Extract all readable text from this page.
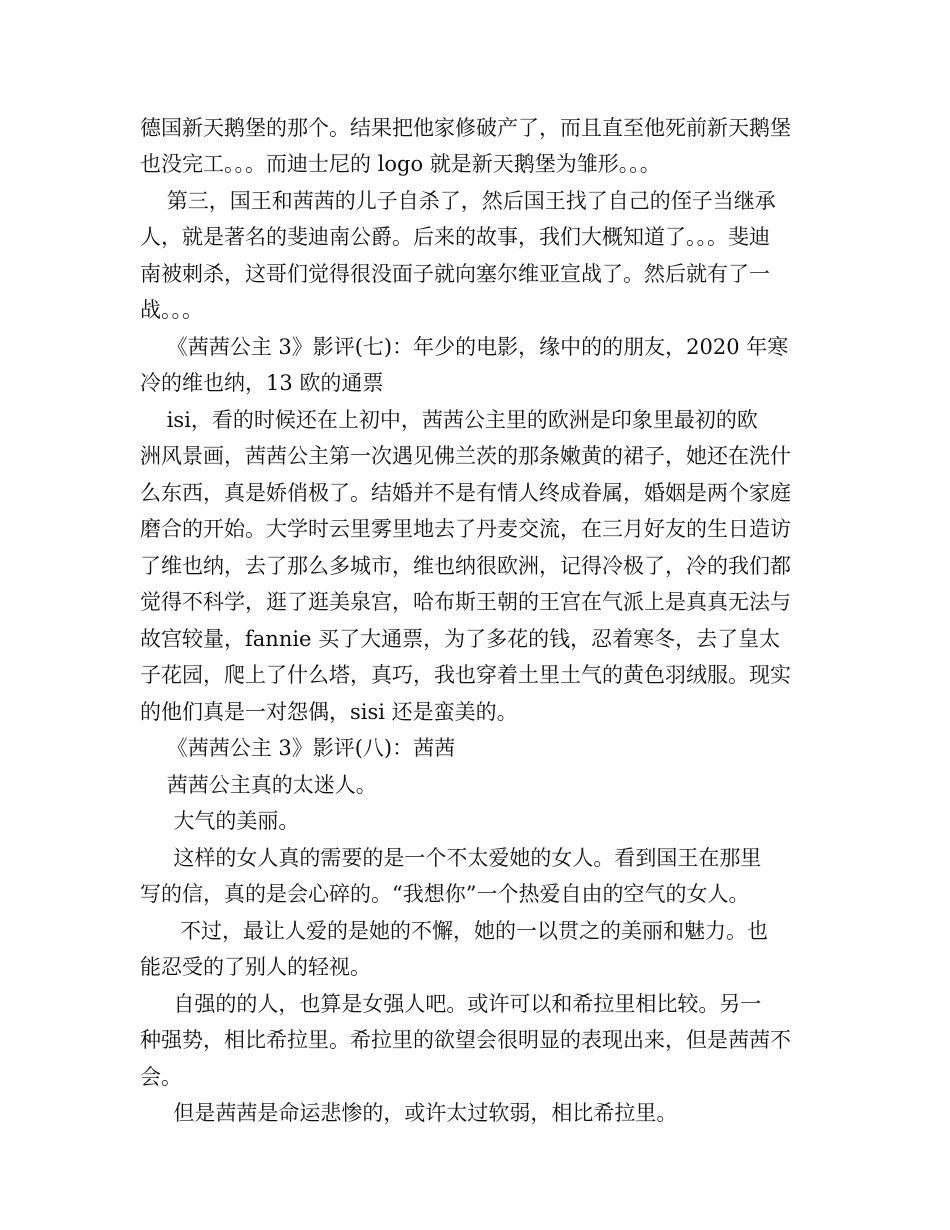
德国新天鹅堡的那个。结果把他家修破产了，而且直至他死前新天鹅堡
也没完工。。。而迪士尼的 logo 就是新天鹅堡为雏形。。。
第三，国王和茜茜的儿子自杀了，然后国王找了自己的侄子当继承
人，就是著名的斐迪南公爵。后来的故事，我们大概知道了。。。斐迪
南被刺杀，这哥们觉得很没面子就向塞尔维亚宣战了。然后就有了一
战。。。
《茜茜公主 3》影评(七)：年少的电影，缘中的的朋友，2020 年寒
冷的维也纳，13 欧的通票
isi，看的时候还在上初中，茜茜公主里的欧洲是印象里最初的欧
洲风景画，茜茜公主第一次遇见佛兰茨的那条嫩黄的裙子，她还在洗什
么东西，真是娇俏极了。结婚并不是有情人终成眷属，婚姻是两个家庭
磨合的开始。大学时云里雾里地去了丹麦交流，在三月好友的生日造访
了维也纳，去了那么多城市，维也纳很欧洲，记得冷极了，冷的我们都
觉得不科学，逛了逛美泉宫，哈布斯王朝的王宫在气派上是真真无法与
故宫较量，fannie 买了大通票，为了多花的钱，忍着寒冬，去了皇太
子花园，爬上了什么塔，真巧，我也穿着土里土气的黄色羽绒服。现实
的他们真是一对怨偶，sisi 还是蛮美的。
《茜茜公主 3》影评(八)：茜茜
茜茜公主真的太迷人。
大气的美丽。
这样的女人真的需要的是一个不太爱她的女人。看到国王在那里
写的信，真的是会心碎的。“我想你”一个热爱自由的空气的女人。
不过，最让人爱的是她的不懈，她的一以贯之的美丽和魅力。也
能忍受的了别人的轻视。
自强的的人，也算是女强人吧。或许可以和希拉里相比较。另一
种强势，相比希拉里。希拉里的欲望会很明显的表现出来，但是茜茜不
会。
但是茜茜是命运悲惨的，或许太过软弱，相比希拉里。
